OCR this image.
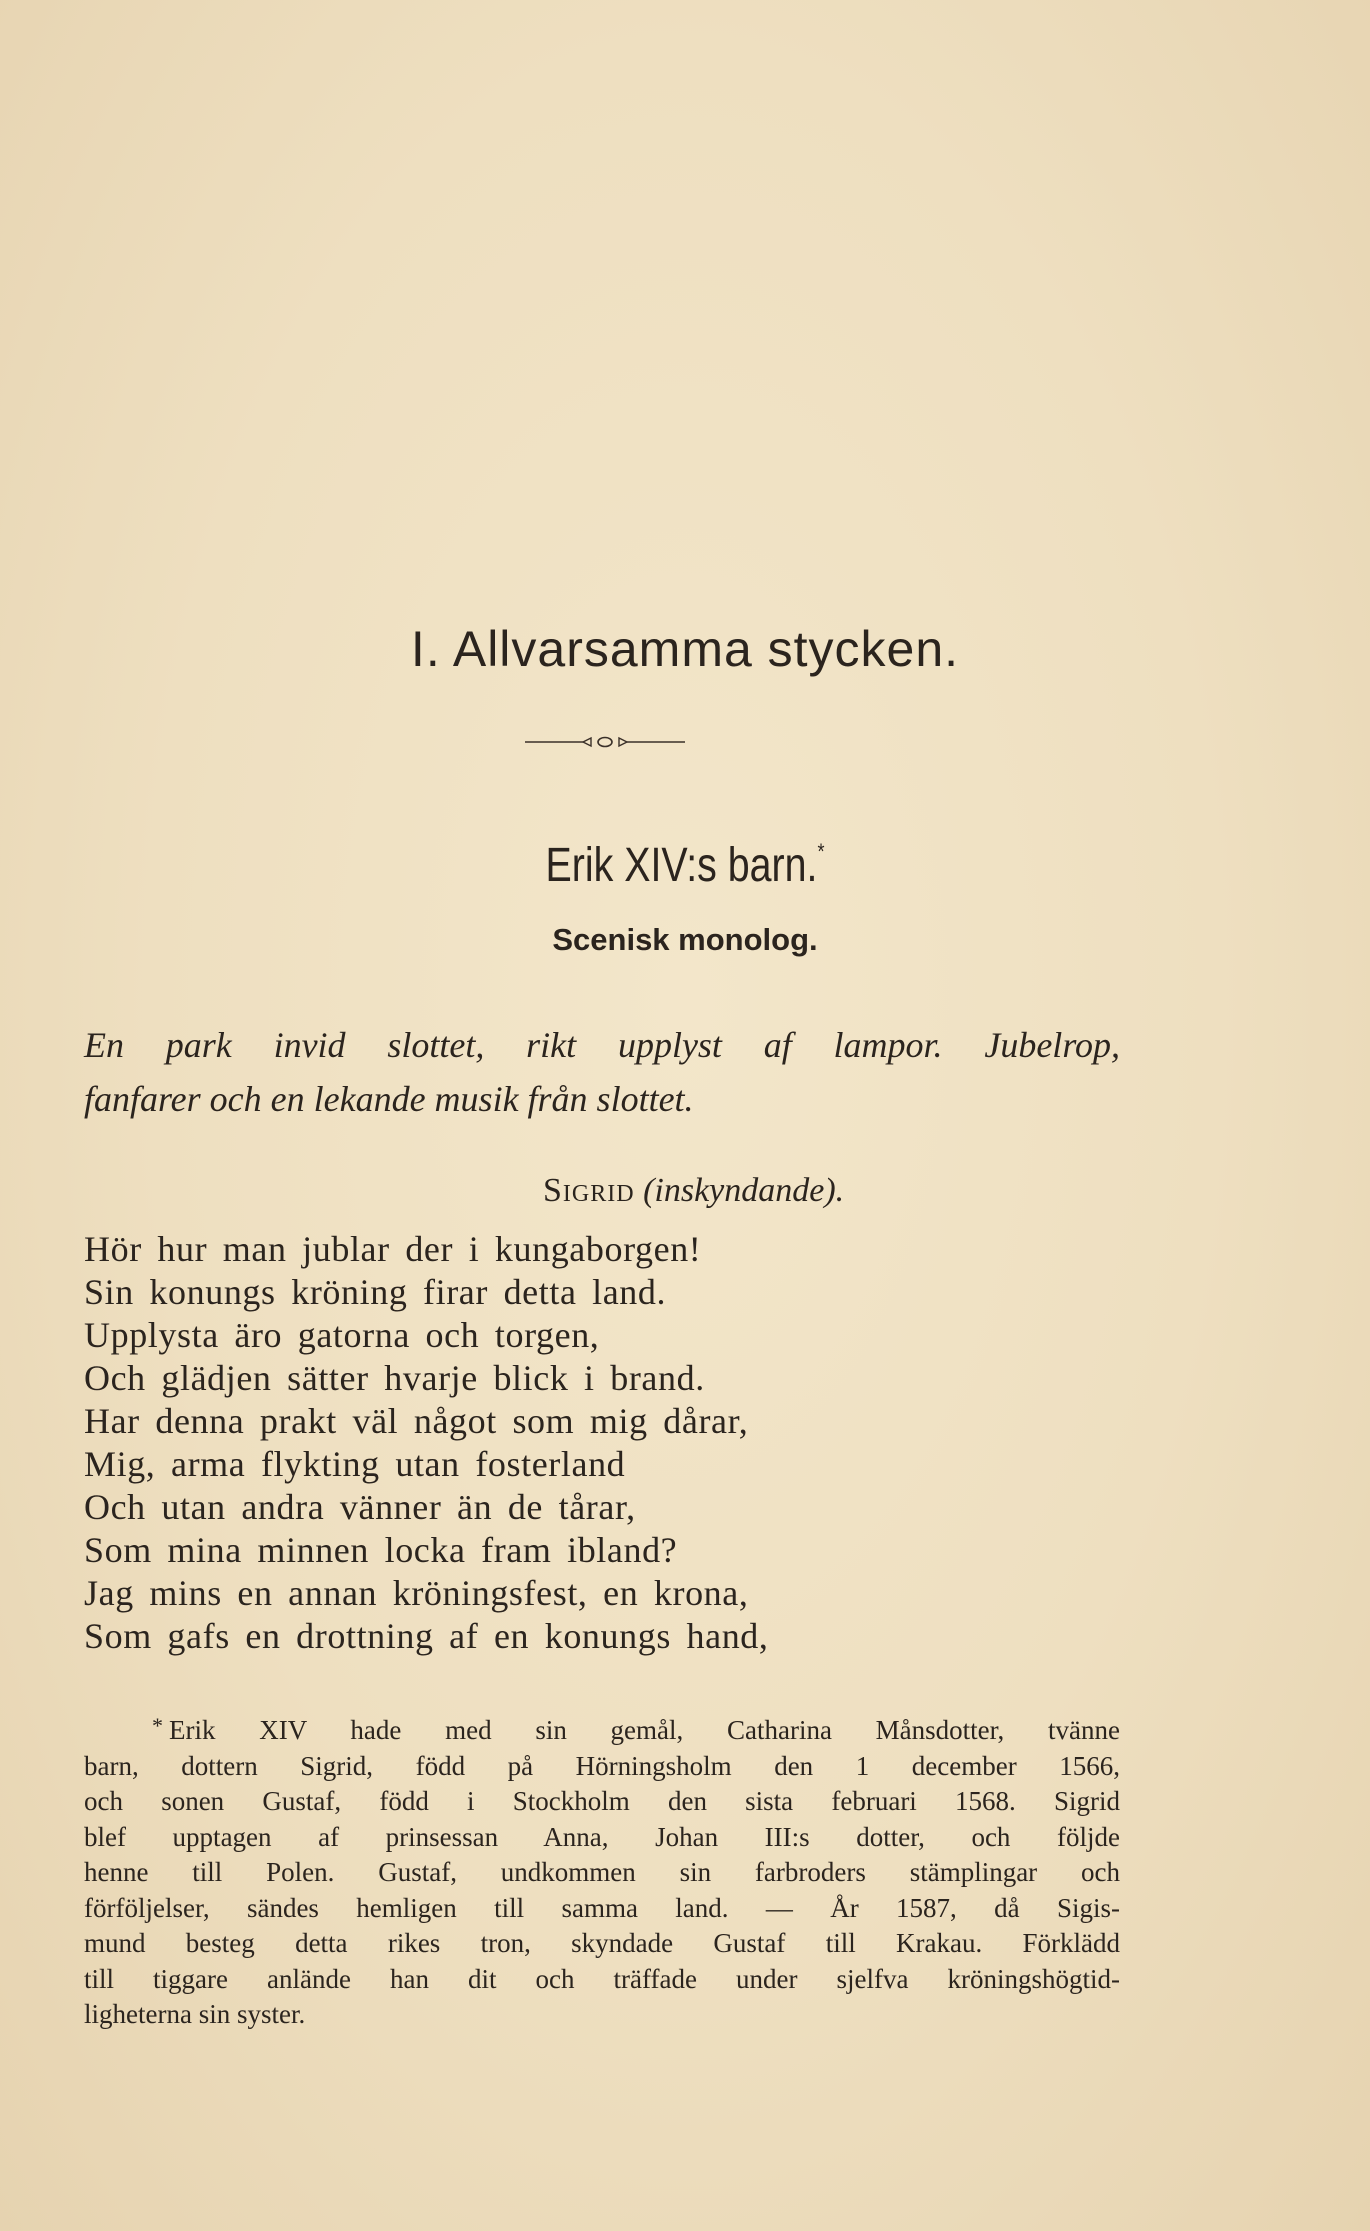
I. Allvarsamma stycken.
Erik XIV:s barn.*
Scenisk monolog.

En park invid slottet, rikt upplyst af lampor. Jubelrop,
fanfarer och en lekande musik från slottet.

Sigrid (inskyndande).

Hör hur man jublar der i kungaborgen!
Sin konungs kröning firar detta land.
Upplysta äro gatorna och torgen,
Och glädjen sätter hvarje blick i brand.
Har denna prakt väl något som mig dårar,
Mig, arma flykting utan fosterland
Och utan andra vänner än de tårar,
Som mina minnen locka fram ibland?
Jag mins en annan kröningsfest, en krona,
Som gafs en drottning af en konungs hand,
* Erik XIV hade med sin gemål, Catharina Månsdotter, tvänne
barn, dottern Sigrid, född på Hörningsholm den 1 december 1566,
och sonen Gustaf, född i Stockholm den sista februari 1568. Sigrid
blef upptagen af prinsessan Anna, Johan III:s dotter, och följde
henne till Polen. Gustaf, undkommen sin farbroders stämplingar och
förföljelser, sändes hemligen till samma land. — År 1587, då Sigis-
mund besteg detta rikes tron, skyndade Gustaf till Krakau. Förklädd
till tiggare anlände han dit och träffade under sjelfva kröningshögtid-
ligheterna sin syster.
